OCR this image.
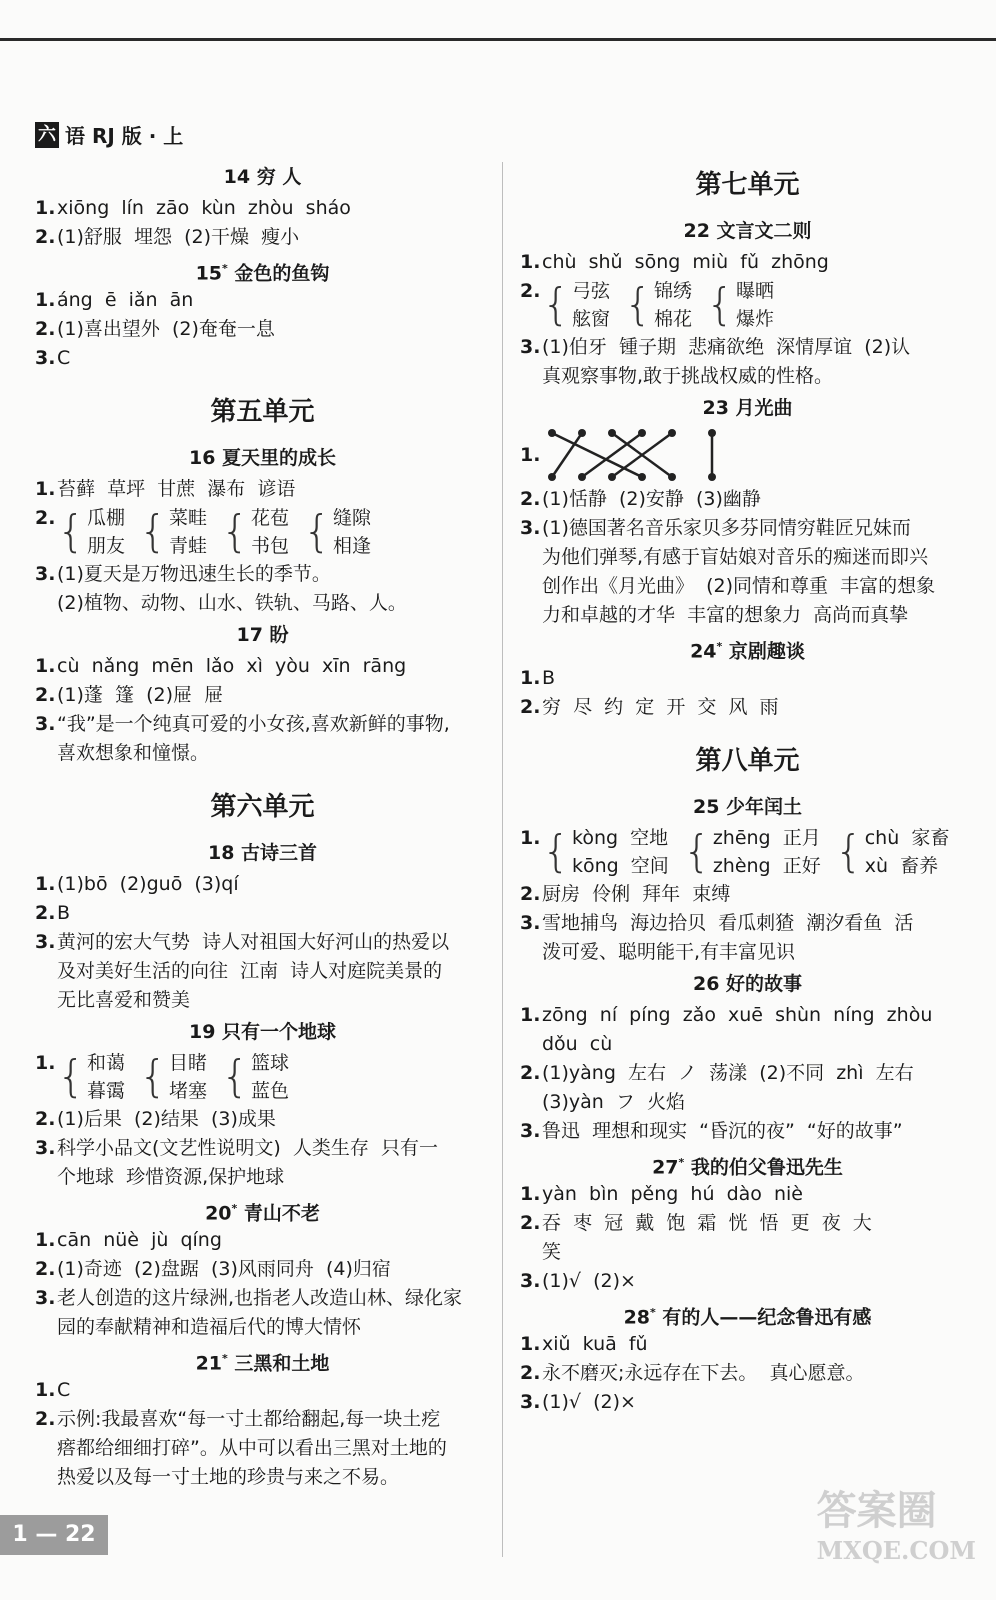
六 语 RJ 版 · 上
14 穷 人
1. xiōng  lín  zāo  kùn  zhòu  sháo
2. (1)舒服  埋怨  (2)干燥  瘦小
15* 金色的鱼钩
1. áng  ē  iǎn  ān
2. (1)喜出望外  (2)奄奄一息
3. C
第五单元
16 夏天里的成长
1. 苔藓  草坪  甘蔗  瀑布  谚语
2. { 瓜棚
朋友 { 菜畦
青蛙 { 花苞
书包 { 缝隙
相逢
3. (1)夏天是万物迅速生长的季节。
(2)植物、动物、山水、铁轨、马路、人。
17 盼
1. cù  nǎng  mēn  lǎo  xì  yòu  xīn  rāng
2. (1)蓬  篷  (2)屉  屉
3. “我”是一个纯真可爱的小女孩,喜欢新鲜的事物,
喜欢想象和憧憬。
第六单元
18 古诗三首
1. (1)bō  (2)guō  (3)qí
2. B
3. 黄河的宏大气势  诗人对祖国大好河山的热爱以
及对美好生活的向往  江南  诗人对庭院美景的
无比喜爱和赞美
19 只有一个地球
1. { 和蔼
暮霭 { 目睹
堵塞 { 篮球
蓝色
2. (1)后果  (2)结果  (3)成果
3. 科学小品文(文艺性说明文)  人类生存  只有一
个地球  珍惜资源,保护地球
20* 青山不老
1. cān  nüè  jù  qíng
2. (1)奇迹  (2)盘踞  (3)风雨同舟  (4)归宿
3. 老人创造的这片绿洲,也指老人改造山林、绿化家
园的奉献精神和造福后代的博大情怀
21* 三黑和土地
1. C
2. 示例:我最喜欢“每一寸土都给翻起,每一块土疙
瘩都给细细打碎”。从中可以看出三黑对土地的
热爱以及每一寸土地的珍贵与来之不易。
第七单元
22 文言文二则
1. chù  shǔ  sōng  miù  fǔ  zhōng
2. { 弓弦
舷窗 { 锦绣
棉花 { 曝晒
爆炸
3. (1)伯牙  锺子期  悲痛欲绝  深情厚谊  (2)认
真观察事物,敢于挑战权威的性格。
23 月光曲
1.
2. (1)恬静  (2)安静  (3)幽静
3. (1)德国著名音乐家贝多芬同情穷鞋匠兄妹而
为他们弹琴,有感于盲姑娘对音乐的痴迷而即兴
创作出《月光曲》  (2)同情和尊重  丰富的想象
力和卓越的才华  丰富的想象力  高尚而真挚
24* 京剧趣谈
1. B
2. 穷  尽  约  定  开  交  风  雨
第八单元
25 少年闰土
1. { kòng  空地
kōng  空间 { zhēng  正月
zhèng  正好 { chù  家畜
xù  畜养
2. 厨房  伶俐  拜年  束缚
3. 雪地捕鸟  海边拾贝  看瓜刺猹  潮汐看鱼  活
泼可爱、聪明能干,有丰富见识
26 好的故事
1. zōng  ní  píng  zǎo  xuē  shùn  níng  zhòu
dǒu  cù
2. (1)yàng  左右  ノ  荡漾  (2)不同  zhì  左右
(3)yàn  フ  火焰
3. 鲁迅  理想和现实  “昏沉的夜”  “好的故事”
27* 我的伯父鲁迅先生
1. yàn  bìn  pěng  hú  dào  niè
2. 吞  枣  冠  戴  饱  霜  恍  悟  更  夜  大
笑
3. (1)√  (2)×
28* 有的人——纪念鲁迅有感
1. xiǔ  kuā  fǔ
2. 永不磨灭;永远存在下去。  真心愿意。
3. (1)√  (2)×
1 — 22
答案圈
MXQE.COM
